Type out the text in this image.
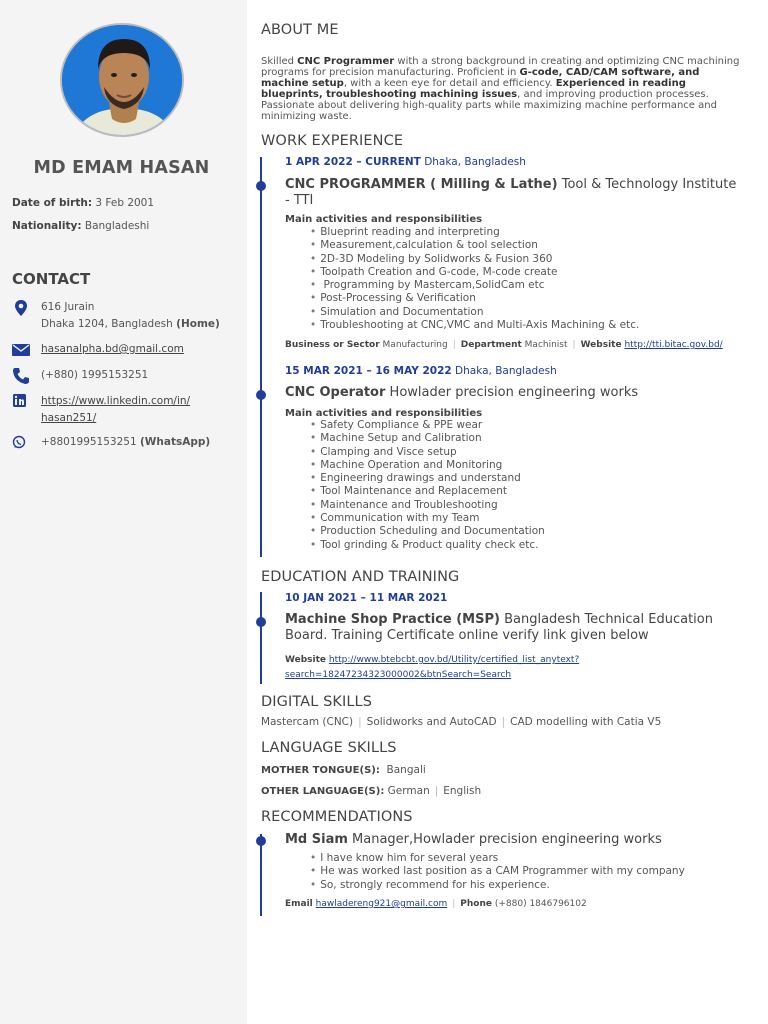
MD EMAM HASAN
Date of birth: 3 Feb 2001
Nationality: Bangladeshi
CONTACT
616 Jurain
Dhaka 1204, Bangladesh (Home)
hasanalpha.bd@gmail.com
(+880) 1995153251
https://www.linkedin.com/in/
hasan251/
+8801995153251 (WhatsApp)
ABOUT ME
Skilled CNC Programmer with a strong background in creating and optimizing CNC machining programs for precision manufacturing. Proficient in G-code, CAD/CAM software, and machine setup, with a keen eye for detail and efficiency. Experienced in reading blueprints, troubleshooting machining issues, and improving production processes. Passionate about delivering high-quality parts while maximizing machine performance and minimizing waste.
WORK EXPERIENCE
1 APR 2022 – CURRENT Dhaka, Bangladesh
CNC PROGRAMMER ( Milling & Lathe) Tool & Technology Institute - TTI
Main activities and responsibilities
• Blueprint reading and interpreting
• Measurement,calculation & tool selection
• 2D-3D Modeling by Solidworks & Fusion 360
• Toolpath Creation and G-code, M-code create
• Programming by Mastercam,SolidCam etc
• Post-Processing & Verification
• Simulation and Documentation
• Troubleshooting at CNC,VMC and Multi-Axis Machining & etc.
Business or Sector Manufacturing | Department Machinist | Website http://tti.bitac.gov.bd/
15 MAR 2021 – 16 MAY 2022 Dhaka, Bangladesh
CNC Operator Howlader precision engineering works
Main activities and responsibilities
• Safety Compliance & PPE wear
• Machine Setup and Calibration
• Clamping and Visce setup
• Machine Operation and Monitoring
• Engineering drawings and understand
• Tool Maintenance and Replacement
• Maintenance and Troubleshooting
• Communication with my Team
• Production Scheduling and Documentation
• Tool grinding & Product quality check etc.
EDUCATION AND TRAINING
10 JAN 2021 – 11 MAR 2021
Machine Shop Practice (MSP) Bangladesh Technical Education Board. Training Certificate online verify link given below
Website http://www.btebcbt.gov.bd/Utility/certified_list_anytext?
search=18247234323000002&btnSearch=Search
DIGITAL SKILLS
Mastercam (CNC) | Solidworks and AutoCAD | CAD modelling with Catia V5
LANGUAGE SKILLS
MOTHER TONGUE(S): Bangali
OTHER LANGUAGE(S): German | English
RECOMMENDATIONS
Md Siam Manager,Howlader precision engineering works
• I have know him for several years
• He was worked last position as a CAM Programmer with my company
• So, strongly recommend for his experience.
Email hawladereng921@gmail.com | Phone (+880) 1846796102
